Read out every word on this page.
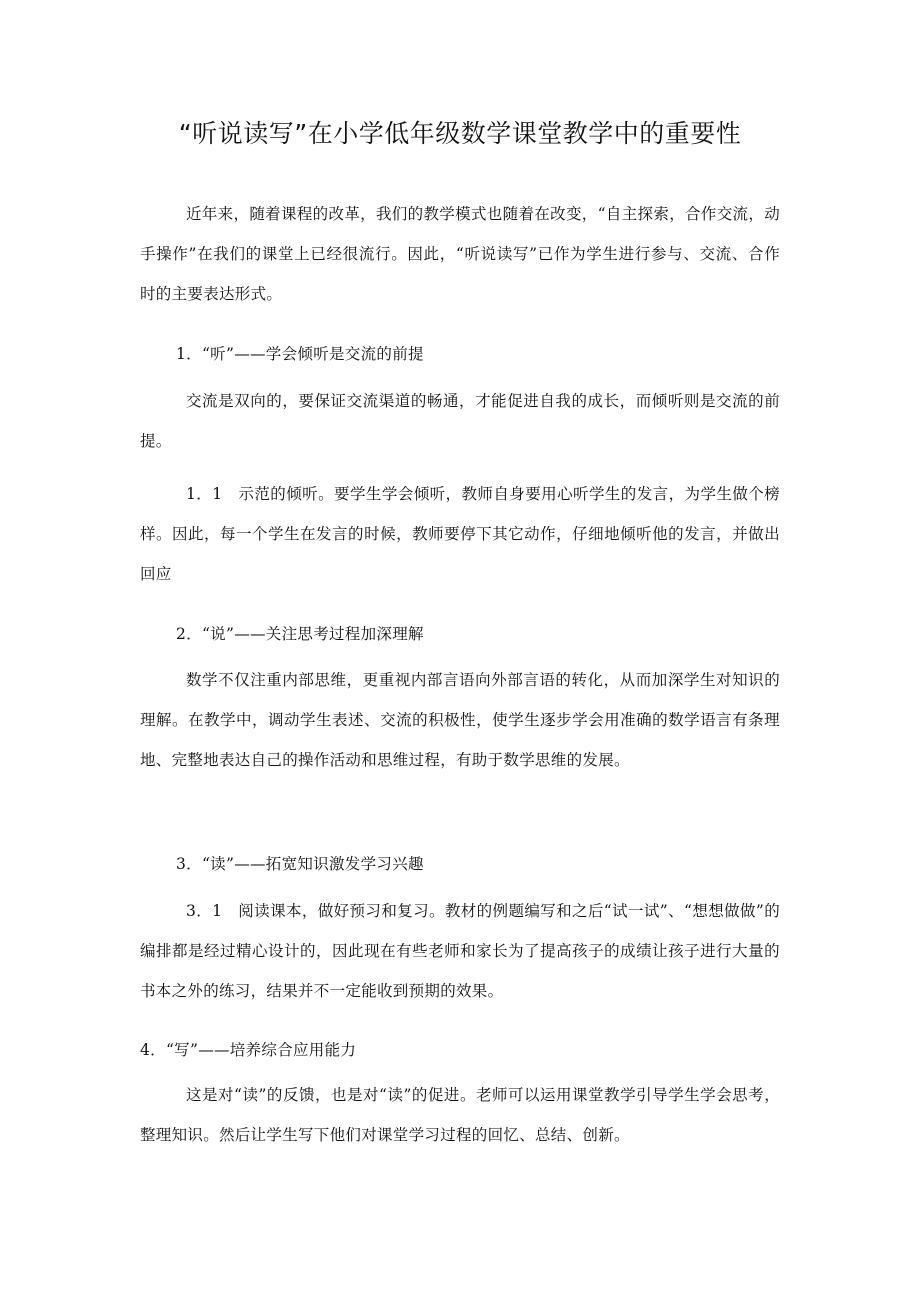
“听说读写”在小学低年级数学课堂教学中的重要性

近年来，随着课程的改革，我们的教学模式也随着在改变，“自主探索，合作交流，动手操作”在我们的课堂上已经很流行。因此，“听说读写”已作为学生进行参与、交流、合作时的主要表达形式。

1．“听”——学会倾听是交流的前提

交流是双向的，要保证交流渠道的畅通，才能促进自我的成长，而倾听则是交流的前提。

1．1　示范的倾听。要学生学会倾听，教师自身要用心听学生的发言，为学生做个榜样。因此，每一个学生在发言的时候，教师要停下其它动作，仔细地倾听他的发言，并做出回应

2．“说”——关注思考过程加深理解

数学不仅注重内部思维，更重视内部言语向外部言语的转化，从而加深学生对知识的理解。在教学中，调动学生表述、交流的积极性，使学生逐步学会用准确的数学语言有条理地、完整地表达自己的操作活动和思维过程，有助于数学思维的发展。

3．“读”——拓宽知识激发学习兴趣

3．1　阅读课本，做好预习和复习。教材的例题编写和之后“试一试”、“想想做做”的编排都是经过精心设计的，因此现在有些老师和家长为了提高孩子的成绩让孩子进行大量的书本之外的练习，结果并不一定能收到预期的效果。

4．“写”——培养综合应用能力

这是对“读”的反馈，也是对“读”的促进。老师可以运用课堂教学引导学生学会思考，整理知识。然后让学生写下他们对课堂学习过程的回忆、总结、创新。
